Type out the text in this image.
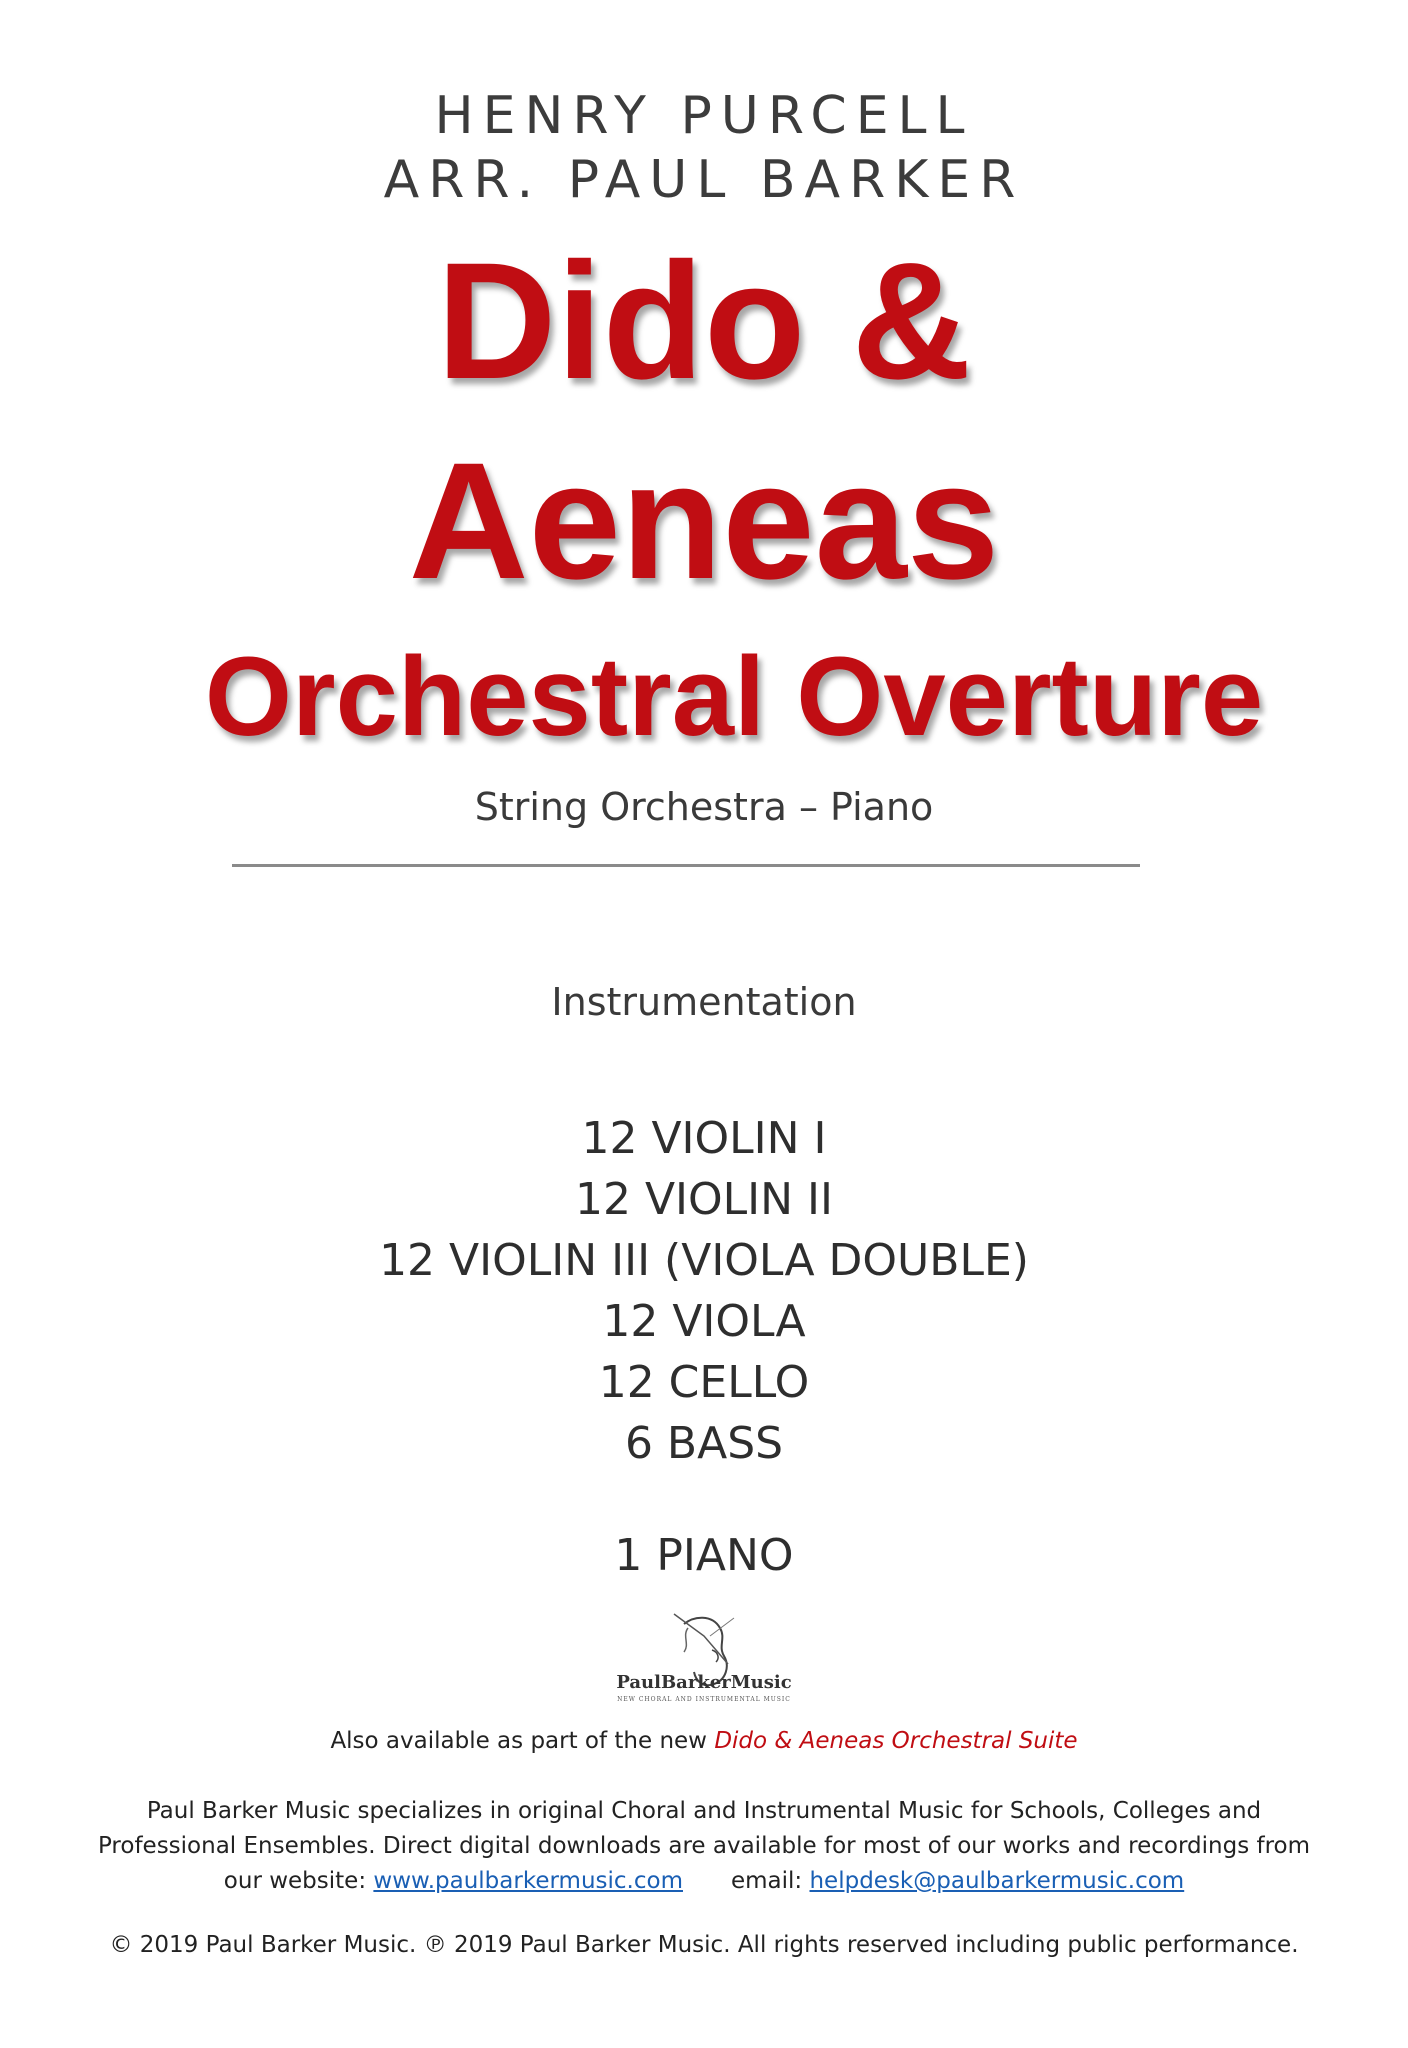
HENRY PURCELL
ARR. PAUL BARKER
Dido &
Aeneas
Orchestral Overture
String Orchestra – Piano
Instrumentation
12 VIOLIN I
12 VIOLIN II
12 VIOLIN III (VIOLA DOUBLE)
12 VIOLA
12 CELLO
6 BASS
1 PIANO
PaulBarkerMusic
NEW CHORAL AND INSTRUMENTAL MUSIC
Also available as part of the new Dido & Aeneas Orchestral Suite
Paul Barker Music specializes in original Choral and Instrumental Music for Schools, Colleges and
Professional Ensembles. Direct digital downloads are available for most of our works and recordings from
our website: www.paulbarkermusic.com email: helpdesk@paulbarkermusic.com
© 2019 Paul Barker Music. ℗ 2019 Paul Barker Music. All rights reserved including public performance.
